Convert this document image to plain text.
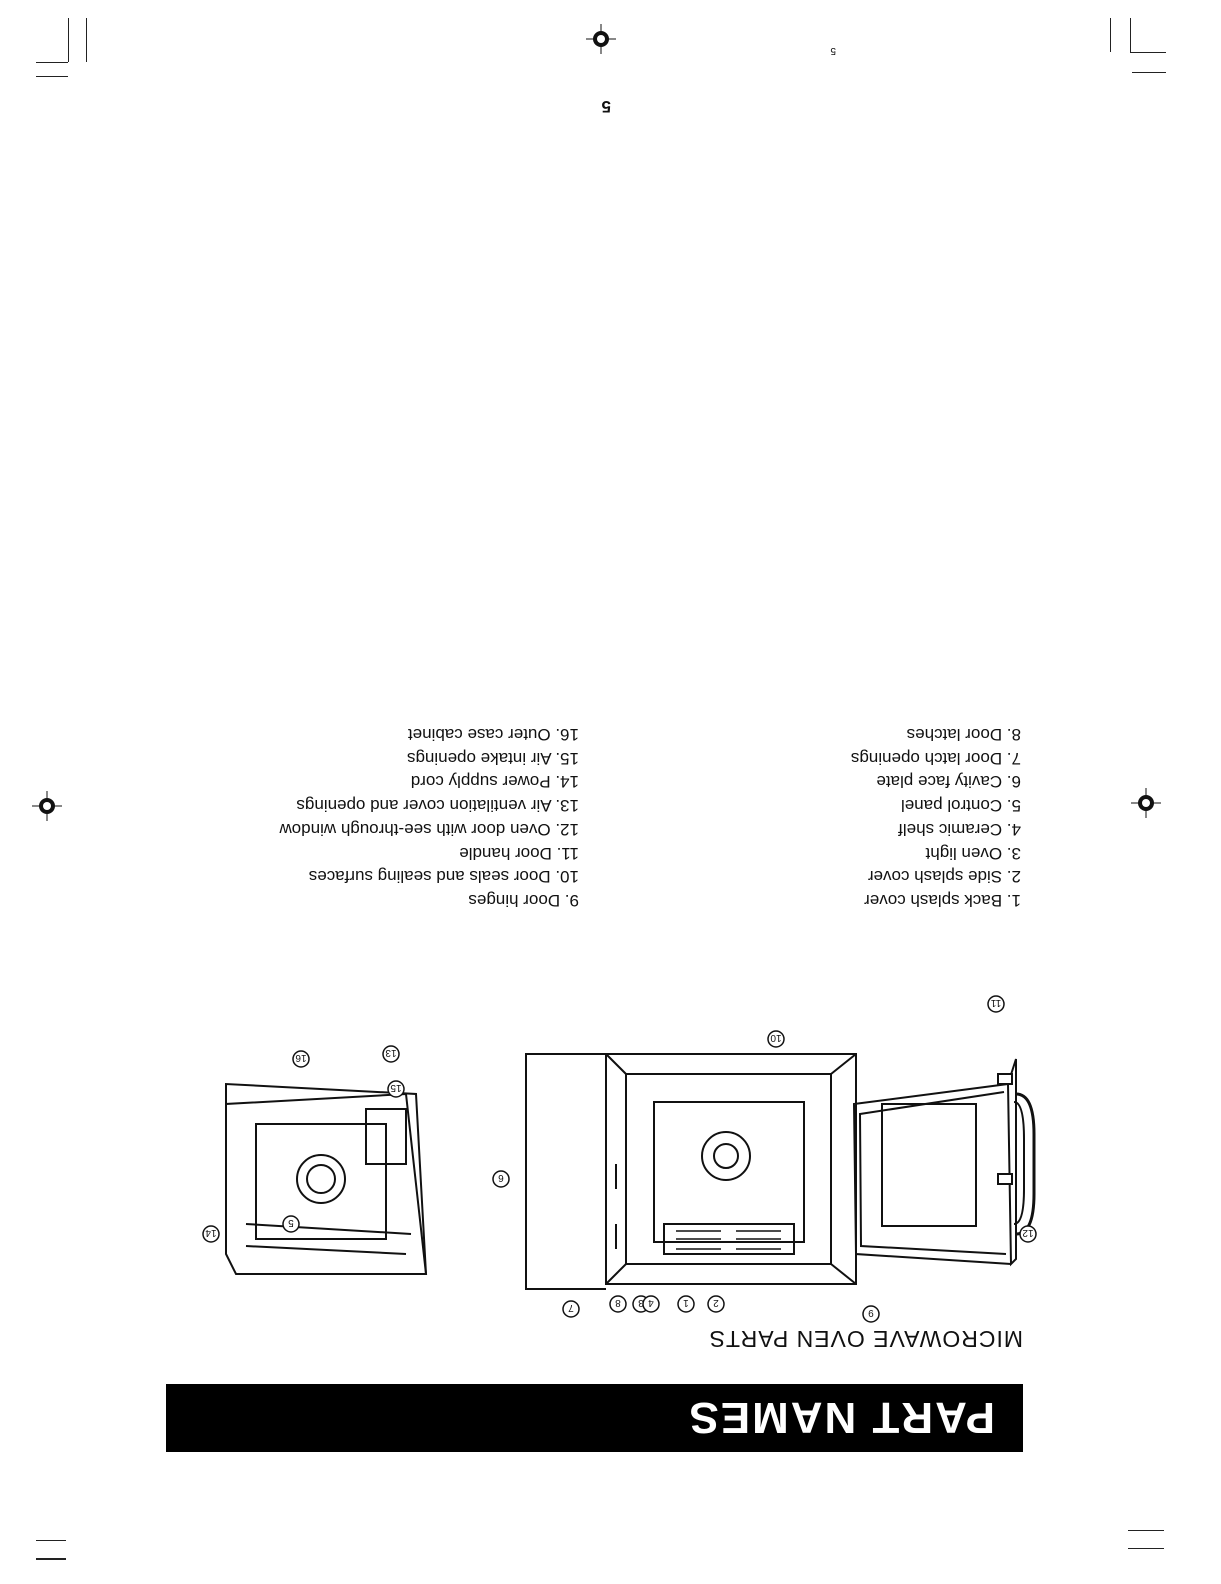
PART NAMES
MICROWAVE OVEN PARTS
1 2
3 4
5
6
7	8
9
10
11
12
13
14
15
16
1. Back splash cover
2. Side splash cover
3. Oven light
4. Ceramic shelf
5. Control panel
6. Cavity face plate
7. Door latch openings
8. Door latches
9. Door hinges
10. Door seals and sealing surfaces
11. Door handle
12. Oven door with see-through window
13. Air ventilation cover and openings
14. Power supply cord
15. Air intake openings
16. Outer case cabinet
5
5
